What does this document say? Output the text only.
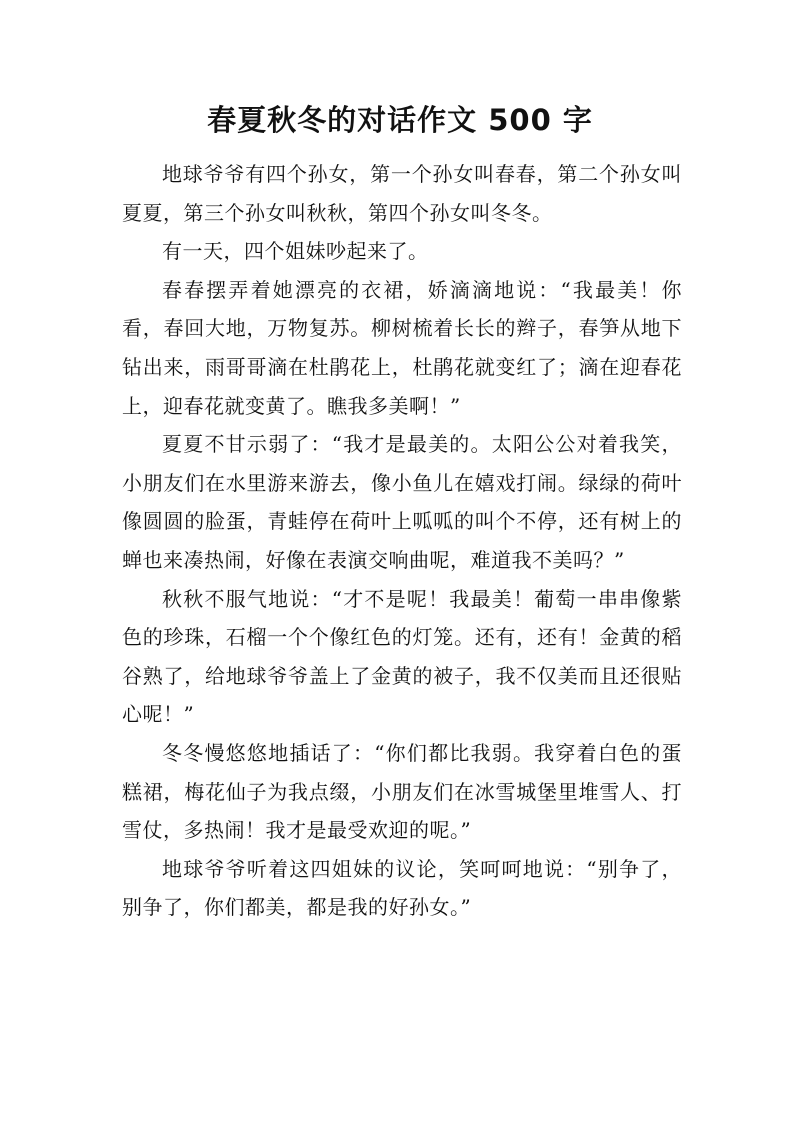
春夏秋冬的对话作文 500 字

地球爷爷有四个孙女，第一个孙女叫春春，第二个孙女叫夏夏，第三个孙女叫秋秋，第四个孙女叫冬冬。

有一天，四个姐妹吵起来了。

春春摆弄着她漂亮的衣裙，娇滴滴地说：“我最美！你看，春回大地，万物复苏。柳树梳着长长的辫子，春笋从地下钻出来，雨哥哥滴在杜鹃花上，杜鹃花就变红了；滴在迎春花上，迎春花就变黄了。瞧我多美啊！”

夏夏不甘示弱了：“我才是最美的。太阳公公对着我笑，小朋友们在水里游来游去，像小鱼儿在嬉戏打闹。绿绿的荷叶像圆圆的脸蛋，青蛙停在荷叶上呱呱的叫个不停，还有树上的蝉也来凑热闹，好像在表演交响曲呢，难道我不美吗？”

秋秋不服气地说：“才不是呢！我最美！葡萄一串串像紫色的珍珠，石榴一个个像红色的灯笼。还有，还有！金黄的稻谷熟了，给地球爷爷盖上了金黄的被子，我不仅美而且还很贴心呢！”

冬冬慢悠悠地插话了：“你们都比我弱。我穿着白色的蛋糕裙，梅花仙子为我点缀，小朋友们在冰雪城堡里堆雪人、打雪仗，多热闹！我才是最受欢迎的呢。”

地球爷爷听着这四姐妹的议论，笑呵呵地说：“别争了，别争了，你们都美，都是我的好孙女。”
